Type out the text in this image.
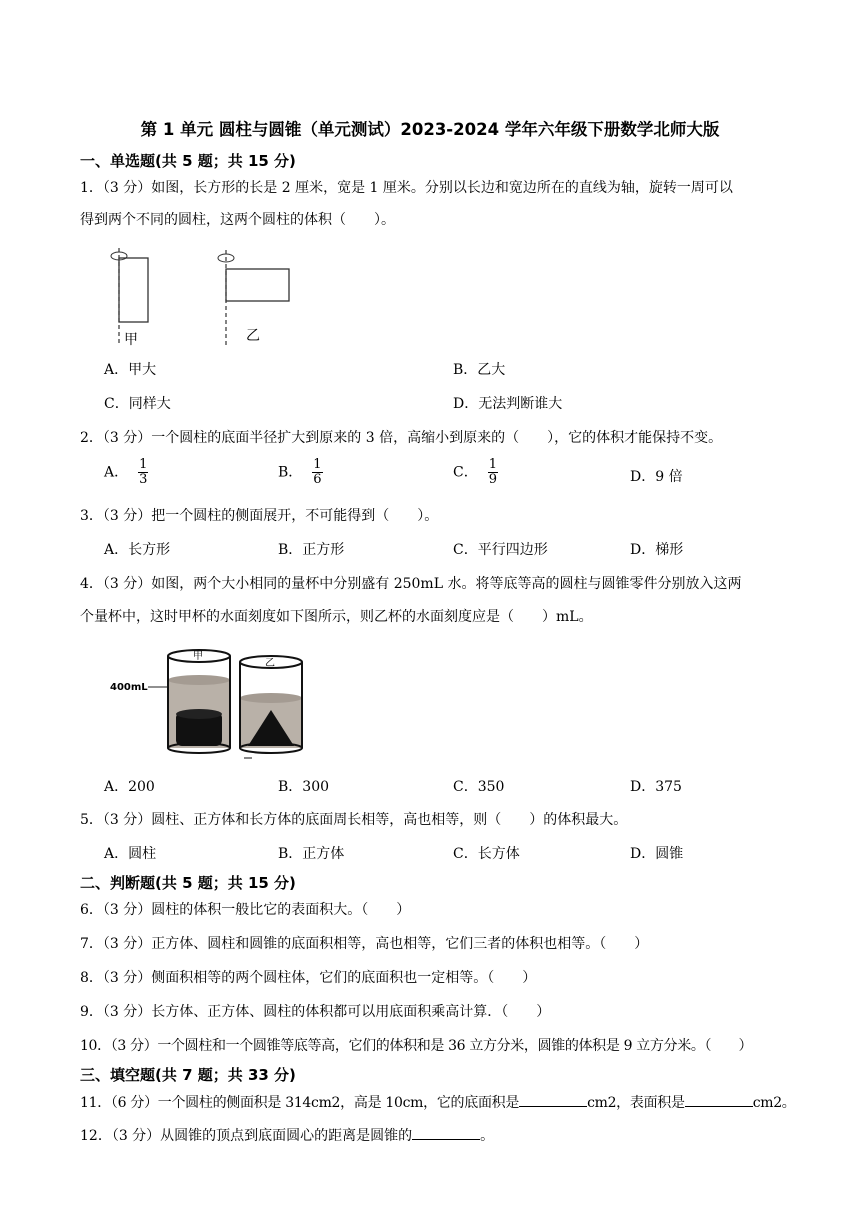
第 1 单元 圆柱与圆锥（单元测试）2023-2024 学年六年级下册数学北师大版
一、单选题(共 5 题；共 15 分)
1．（3 分）如图，长方形的长是 2 厘米，宽是 1 厘米。分别以长边和宽边所在的直线为轴，旋转一周可以
得到两个不同的圆柱，这两个圆柱的体积（　　）。
甲	乙
A．甲大	B．乙大
C．同样大	D．无法判断谁大
2．（3 分）一个圆柱的底面半径扩大到原来的 3 倍，高缩小到原来的（　　），它的体积才能保持不变。
A． $\frac{1}{3}$	B． $\frac{1}{6}$	C． $\frac{1}{9}$	D．9 倍
3．（3 分）把一个圆柱的侧面展开，不可能得到（　　）。
A．长方形	B．正方形	C．平行四边形	D．梯形
4．（3 分）如图，两个大小相同的量杯中分别盛有 250mL 水。将等底等高的圆柱与圆锥零件分别放入这两
个量杯中，这时甲杯的水面刻度如下图所示，则乙杯的水面刻度应是（　　）mL。
400mL
甲
乙
A．200	B．300	C．350	D．375
5．（3 分）圆柱、正方体和长方体的底面周长相等，高也相等，则（　　）的体积最大。
A．圆柱	B．正方体	C．长方体	D．圆锥
二、判断题(共 5 题；共 15 分)
6．（3 分）圆柱的体积一般比它的表面积大。（　　）
7．（3 分）正方体、圆柱和圆锥的底面积相等，高也相等，它们三者的体积也相等。（　　）
8．（3 分）侧面积相等的两个圆柱体，它们的底面积也一定相等。（　　）
9．（3 分）长方体、正方体、圆柱的体积都可以用底面积乘高计算．（　　）
10．（3 分）一个圆柱和一个圆锥等底等高，它们的体积和是 36 立方分米，圆锥的体积是 9 立方分米。（　　）
三、填空题(共 7 题；共 33 分)
11．（6 分）一个圆柱的侧面积是 314cm2，高是 10cm，它的底面积是	cm2，表面积是	cm2。
12．（3 分）从圆锥的顶点到底面圆心的距离是圆锥的	。
